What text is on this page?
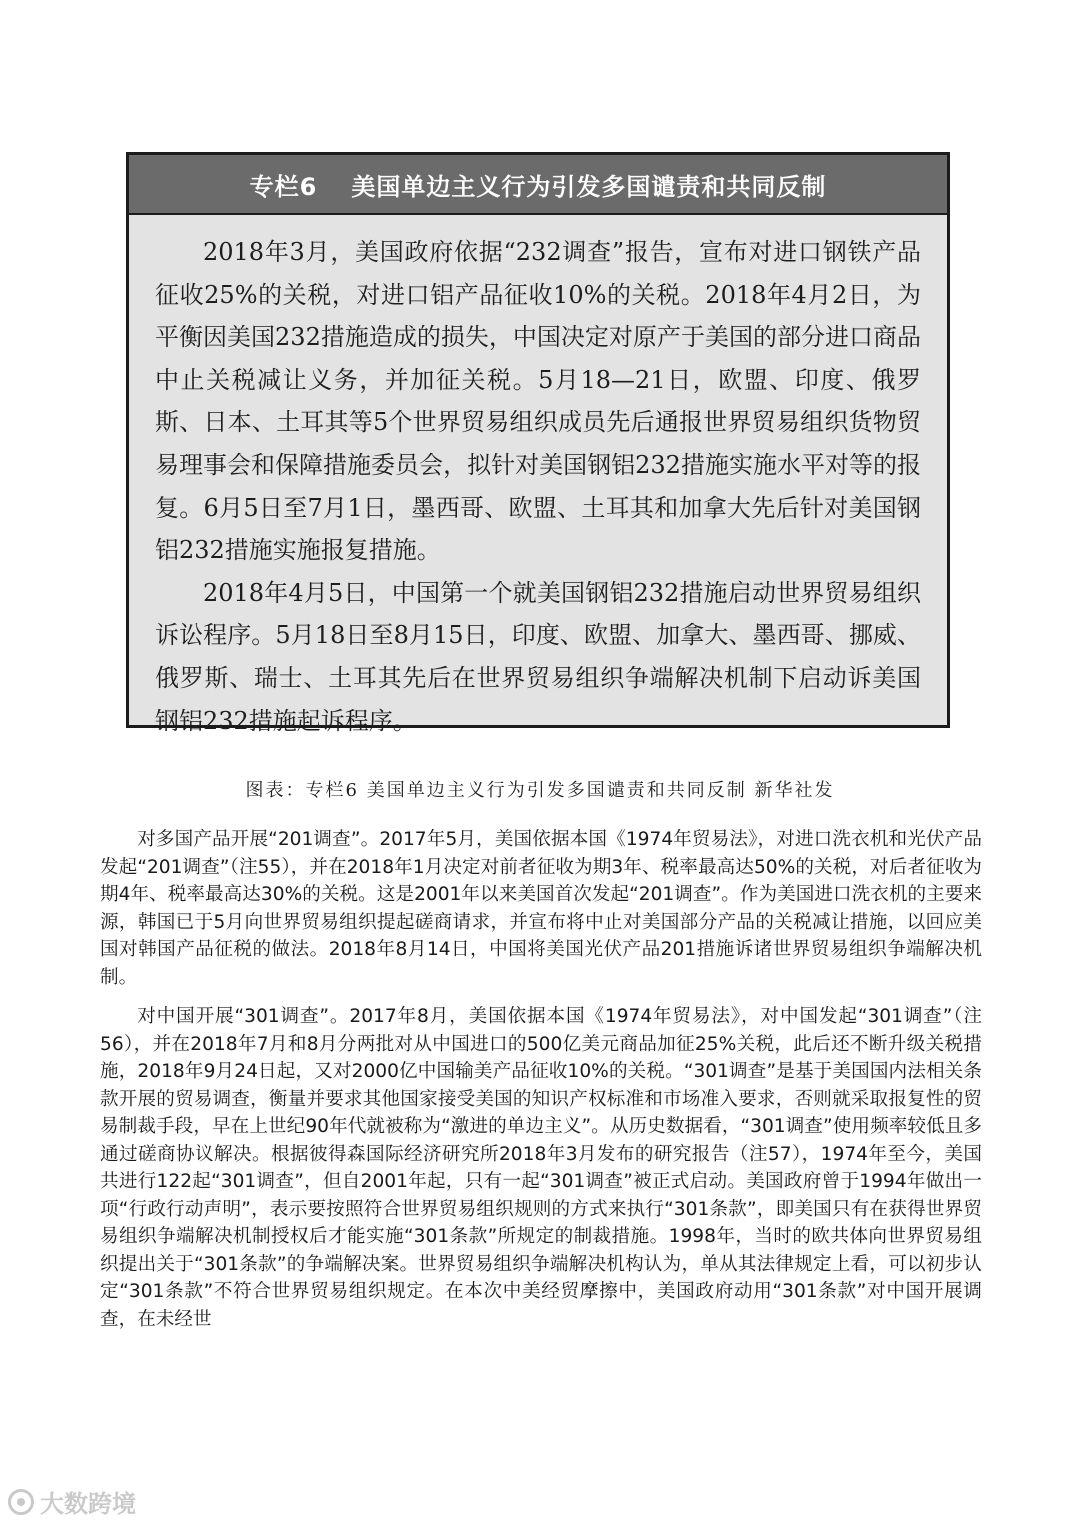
专栏6 美国单边主义行为引发多国谴责和共同反制

2018年3月，美国政府依据“232调查”报告，宣布对进口钢铁产品征收25%的关税，对进口铝产品征收10%的关税。2018年4月2日，为平衡因美国232措施造成的损失，中国决定对原产于美国的部分进口商品中止关税减让义务，并加征关税。5月18—21日，欧盟、印度、俄罗斯、日本、土耳其等5个世界贸易组织成员先后通报世界贸易组织货物贸易理事会和保障措施委员会，拟针对美国钢铝232措施实施水平对等的报复。6月5日至7月1日，墨西哥、欧盟、土耳其和加拿大先后针对美国钢铝232措施实施报复措施。

2018年4月5日，中国第一个就美国钢铝232措施启动世界贸易组织诉讼程序。5月18日至8月15日，印度、欧盟、加拿大、墨西哥、挪威、俄罗斯、瑞士、土耳其先后在世界贸易组织争端解决机制下启动诉美国钢铝232措施起诉程序。

图表：专栏6 美国单边主义行为引发多国谴责和共同反制 新华社发

对多国产品开展“201调查”。2017年5月，美国依据本国《1974年贸易法》，对进口洗衣机和光伏产品发起“201调查”（注55），并在2018年1月决定对前者征收为期3年、税率最高达50%的关税，对后者征收为期4年、税率最高达30%的关税。这是2001年以来美国首次发起“201调查”。作为美国进口洗衣机的主要来源，韩国已于5月向世界贸易组织提起磋商请求，并宣布将中止对美国部分产品的关税减让措施，以回应美国对韩国产品征税的做法。2018年8月14日，中国将美国光伏产品201措施诉诸世界贸易组织争端解决机制。

对中国开展“301调查”。2017年8月，美国依据本国《1974年贸易法》，对中国发起“301调查”（注56），并在2018年7月和8月分两批对从中国进口的500亿美元商品加征25%关税，此后还不断升级关税措施，2018年9月24日起，又对2000亿中国输美产品征收10%的关税。“301调查”是基于美国国内法相关条款开展的贸易调查，衡量并要求其他国家接受美国的知识产权标准和市场准入要求，否则就采取报复性的贸易制裁手段，早在上世纪90年代就被称为“激进的单边主义”。从历史数据看，“301调查”使用频率较低且多通过磋商协议解决。根据彼得森国际经济研究所2018年3月发布的研究报告（注57），1974年至今，美国共进行122起“301调查”，但自2001年起，只有一起“301调查”被正式启动。美国政府曾于1994年做出一项“行政行动声明”，表示要按照符合世界贸易组织规则的方式来执行“301条款”，即美国只有在获得世界贸易组织争端解决机制授权后才能实施“301条款”所规定的制裁措施。1998年，当时的欧共体向世界贸易组织提出关于“301条款”的争端解决案。世界贸易组织争端解决机构认为，单从其法律规定上看，可以初步认定“301条款”不符合世界贸易组织规定。在本次中美经贸摩擦中，美国政府动用“301条款”对中国开展调查，在未经世

大数跨境
